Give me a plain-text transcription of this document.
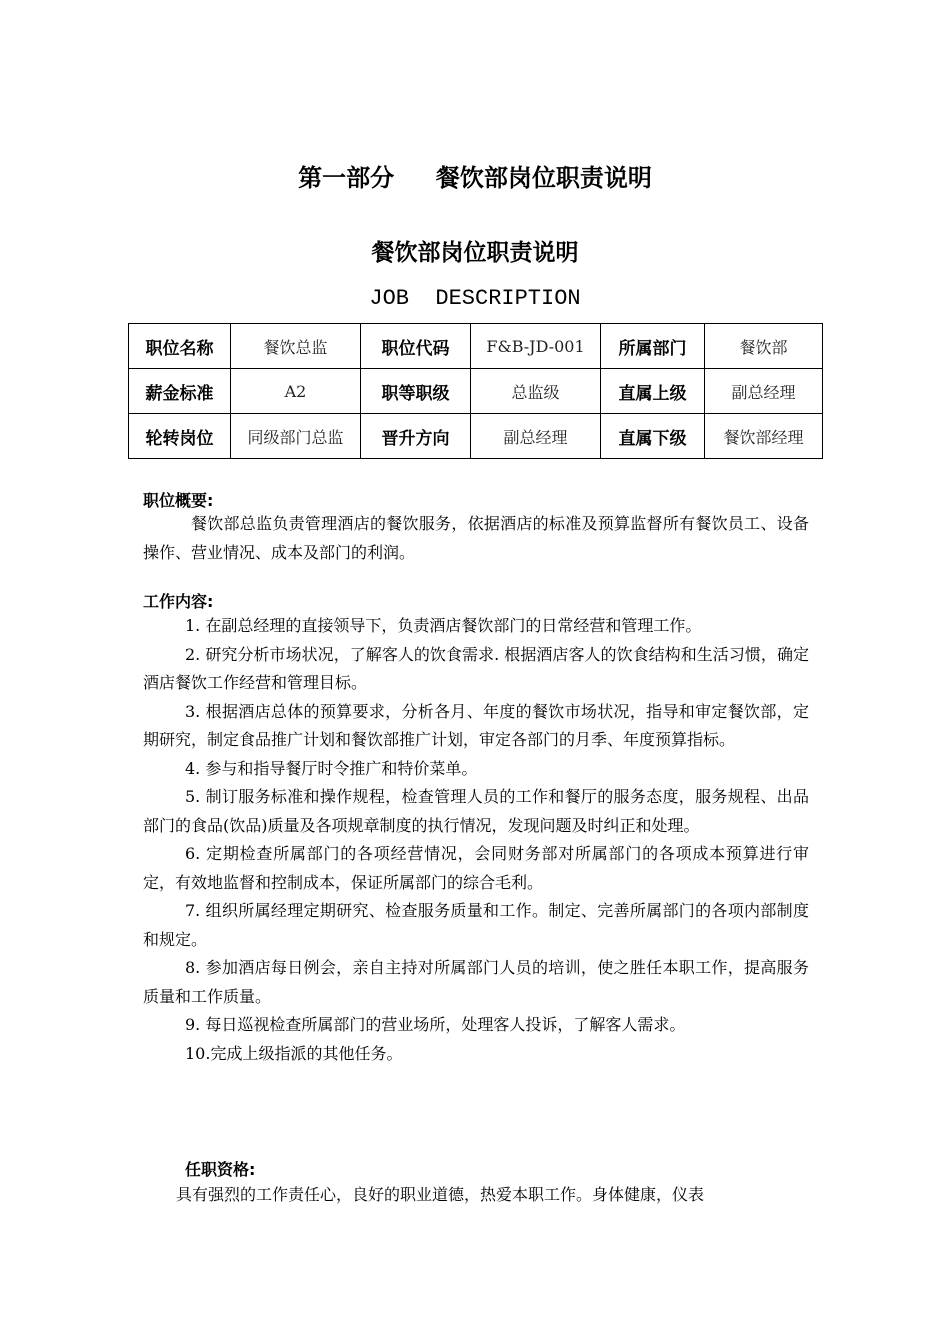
第一部分     餐饮部岗位职责说明
餐饮部岗位职责说明
JOB  DESCRIPTION
职位名称	餐饮总监	职位代码	F&B-JD-001	所属部门	餐饮部
薪金标准	A2	职等职级	总监级	直属上级	副总经理
轮转岗位	同级部门总监	晋升方向	副总经理	直属下级	餐饮部经理
职位概要:
餐饮部总监负责管理酒店的餐饮服务，依据酒店的标准及预算监督所有餐饮员工、设备操作、营业情况、成本及部门的利润。
工作内容:
1. 在副总经理的直接领导下，负责酒店餐饮部门的日常经营和管理工作。
2. 研究分析市场状况，了解客人的饮食需求. 根据酒店客人的饮食结构和生活习惯，确定酒店餐饮工作经营和管理目标。
3. 根据酒店总体的预算要求，分析各月、年度的餐饮市场状况，指导和审定餐饮部，定期研究，制定食品推广计划和餐饮部推广计划，审定各部门的月季、年度预算指标。
4. 参与和指导餐厅时令推广和特价菜单。
5. 制订服务标准和操作规程，检查管理人员的工作和餐厅的服务态度，服务规程、出品部门的食品(饮品)质量及各项规章制度的执行情况，发现问题及时纠正和处理。
6. 定期检查所属部门的各项经营情况，会同财务部对所属部门的各项成本预算进行审定，有效地监督和控制成本，保证所属部门的综合毛利。
7. 组织所属经理定期研究、检查服务质量和工作。制定、完善所属部门的各项内部制度和规定。
8. 参加酒店每日例会，亲自主持对所属部门人员的培训，使之胜任本职工作，提高服务质量和工作质量。
9. 每日巡视检查所属部门的营业场所，处理客人投诉，了解客人需求。
10.完成上级指派的其他任务。
任职资格:
具有强烈的工作责任心，良好的职业道德，热爱本职工作。身体健康，仪表
